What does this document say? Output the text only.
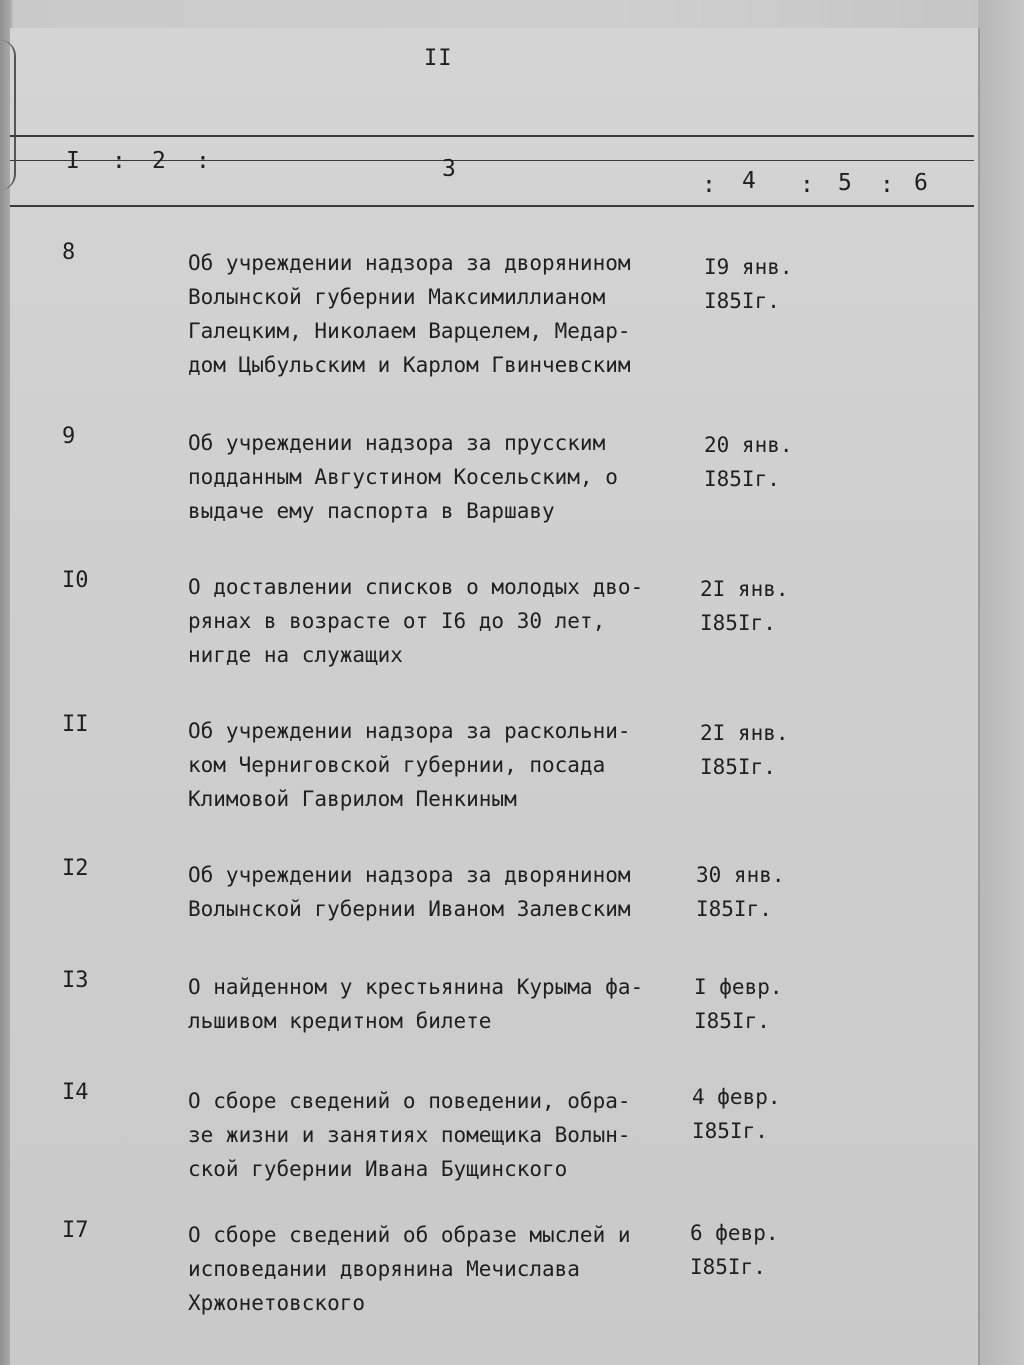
II
I : 2 :	3
: 4 : 5 : 6
8	Об учреждении надзора за дворянином
Волынской губернии Максимиллианом
Галецким, Николаем Варцелем, Медар-
дом Цыбульским и Карлом Гвинчевским
I9 янв.
I85Iг.
9	Об учреждении надзора за прусским
подданным Августином Косельским, о
выдаче ему паспорта в Варшаву
20 янв.
I85Iг.
I0	О доставлении списков о молодых дво-
рянах в возрасте от I6 до 30 лет,
нигде на служащих
2I янв.
I85Iг.
II	Об учреждении надзора за раскольни-
ком Черниговской губернии, посада
Климовой Гаврилом Пенкиным
2I янв.
I85Iг.
I2	Об учреждении надзора за дворянином
Волынской губернии Иваном Залевским
30 янв.
I85Iг.
I3	О найденном у крестьянина Курыма фа-
льшивом кредитном билете
I февр.
I85Iг.
I4	О сборе сведений о поведении, обра-
зе жизни и занятиях помещика Волын-
ской губернии Ивана Бущинского
4 февр.
I85Iг.
I7	О сборе сведений об образе мыслей и
исповедании дворянина Мечислава
Хржонетовского
6 февр.
I85Iг.
